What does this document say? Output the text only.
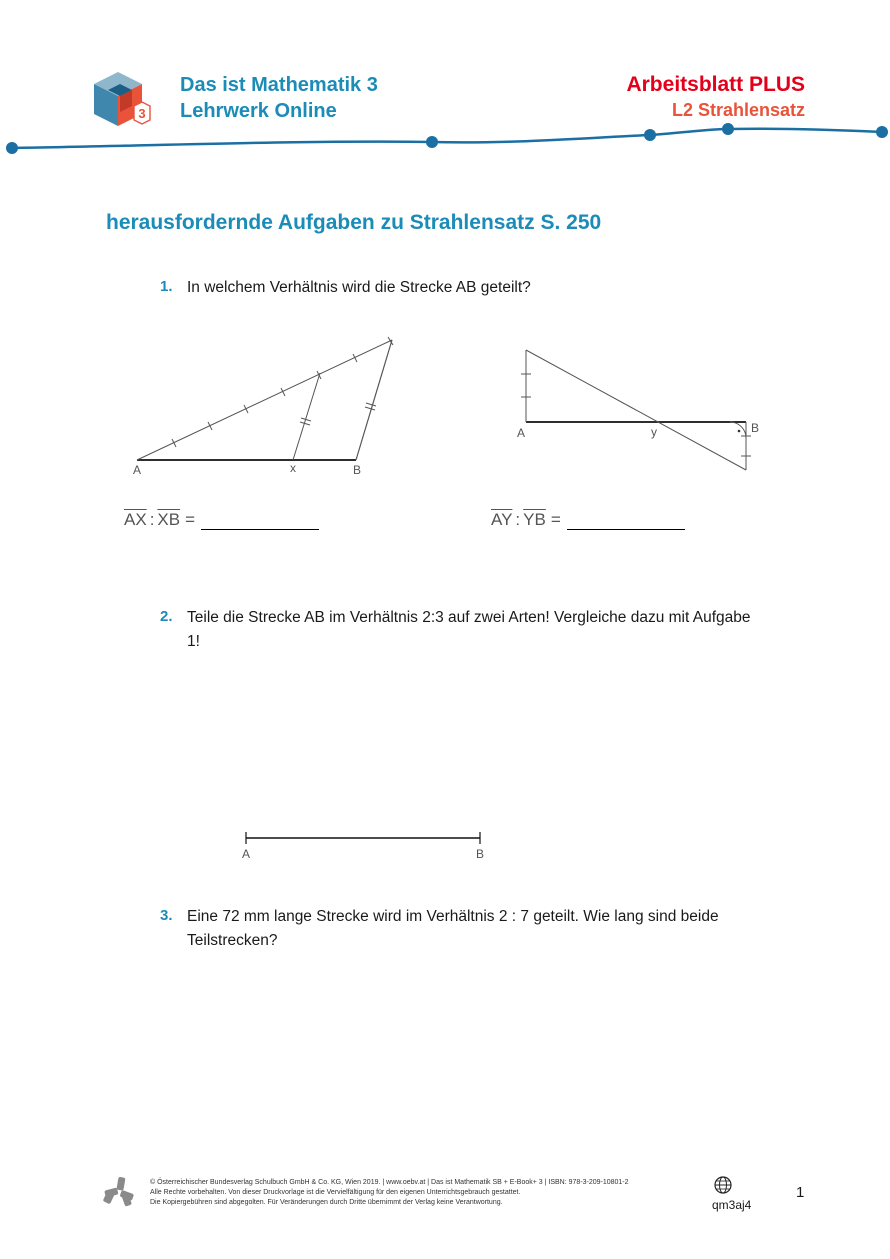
3
Das ist Mathematik 3
Lehrwerk Online
Arbeitsblatt PLUS
L2 Strahlensatz
herausfordernde Aufgaben zu Strahlensatz S. 250
1. In welchem Verhältnis wird die Strecke AB geteilt?
A	x	B
A	y	B
$\overline{AX}$ : $\overline{XB}$ =	$\overline{AY}$ : $\overline{YB}$ =
2. Teile die Strecke AB im Verhältnis 2:3 auf zwei Arten! Vergleiche dazu mit Aufgabe 1!
A	B
3. Eine 72 mm lange Strecke wird im Verhältnis 2 : 7 geteilt. Wie lang sind beide Teilstrecken?
© Österreichischer Bundesverlag Schulbuch GmbH & Co. KG, Wien 2019. | www.oebv.at | Das ist Mathematik SB + E-Book+ 3 | ISBN: 978-3-209-10801-2
Alle Rechte vorbehalten. Von dieser Druckvorlage ist die Vervielfältigung für den eigenen Unterrichtsgebrauch gestattet.
Die Kopiergebühren sind abgegolten. Für Veränderungen durch Dritte übernimmt der Verlag keine Verantwortung.	qm3aj4
1
